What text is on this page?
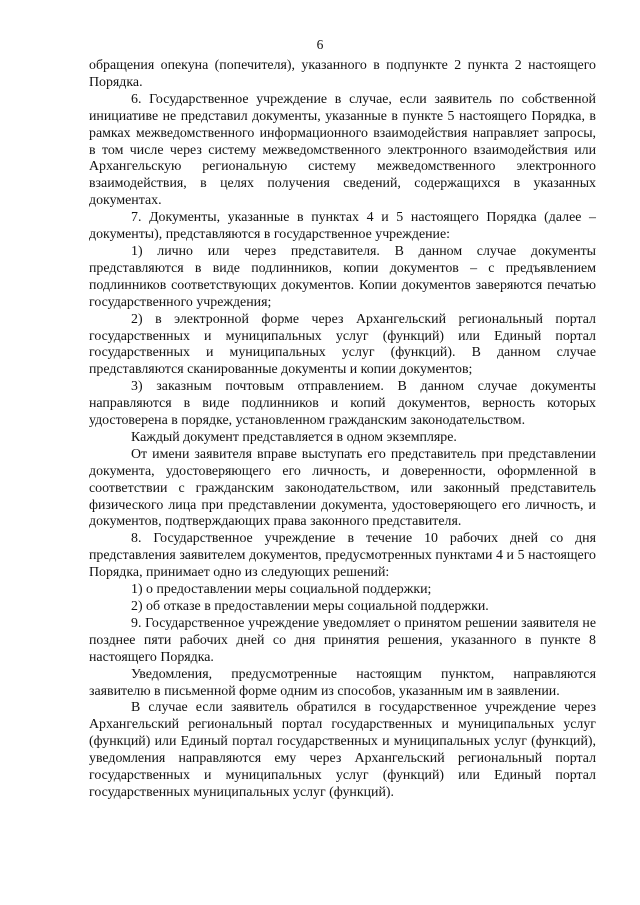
6

обращения опекуна (попечителя), указанного в подпункте 2 пункта 2 настоящего Порядка.

6. Государственное учреждение в случае, если заявитель по собственной инициативе не представил документы, указанные в пункте 5 настоящего Порядка, в рамках межведомственного информационного взаимодействия направляет запросы, в том числе через систему межведомственного электронного взаимодействия или Архангельскую региональную систему межведомственного электронного взаимодействия, в целях получения сведений, содержащихся в указанных документах.

7. Документы, указанные в пунктах 4 и 5 настоящего Порядка (далее – документы), представляются в государственное учреждение:

1) лично или через представителя. В данном случае документы представляются в виде подлинников, копии документов – с предъявлением подлинников соответствующих документов. Копии документов заверяются печатью государственного учреждения;

2) в электронной форме через Архангельский региональный портал государственных и муниципальных услуг (функций) или Единый портал государственных и муниципальных услуг (функций). В данном случае представляются сканированные документы и копии документов;

3) заказным почтовым отправлением. В данном случае документы направляются в виде подлинников и копий документов, верность которых удостоверена в порядке, установленном гражданским законодательством.

Каждый документ представляется в одном экземпляре.

От имени заявителя вправе выступать его представитель при представлении документа, удостоверяющего его личность, и доверенности, оформленной в соответствии с гражданским законодательством, или законный представитель физического лица при представлении документа, удостоверяющего его личность, и документов, подтверждающих права законного представителя.

8. Государственное учреждение в течение 10 рабочих дней со дня представления заявителем документов, предусмотренных пунктами 4 и 5 настоящего Порядка, принимает одно из следующих решений:

1) о предоставлении меры социальной поддержки;

2) об отказе в предоставлении меры социальной поддержки.

9. Государственное учреждение уведомляет о принятом решении заявителя не позднее пяти рабочих дней со дня принятия решения, указанного в пункте 8 настоящего Порядка.

Уведомления, предусмотренные настоящим пунктом, направляются заявителю в письменной форме одним из способов, указанным им в заявлении.

В случае если заявитель обратился в государственное учреждение через Архангельский региональный портал государственных и муниципальных услуг (функций) или Единый портал государственных и муниципальных услуг (функций), уведомления направляются ему через Архангельский региональный портал государственных и муниципальных услуг (функций) или Единый портал государственных муниципальных услуг (функций).
